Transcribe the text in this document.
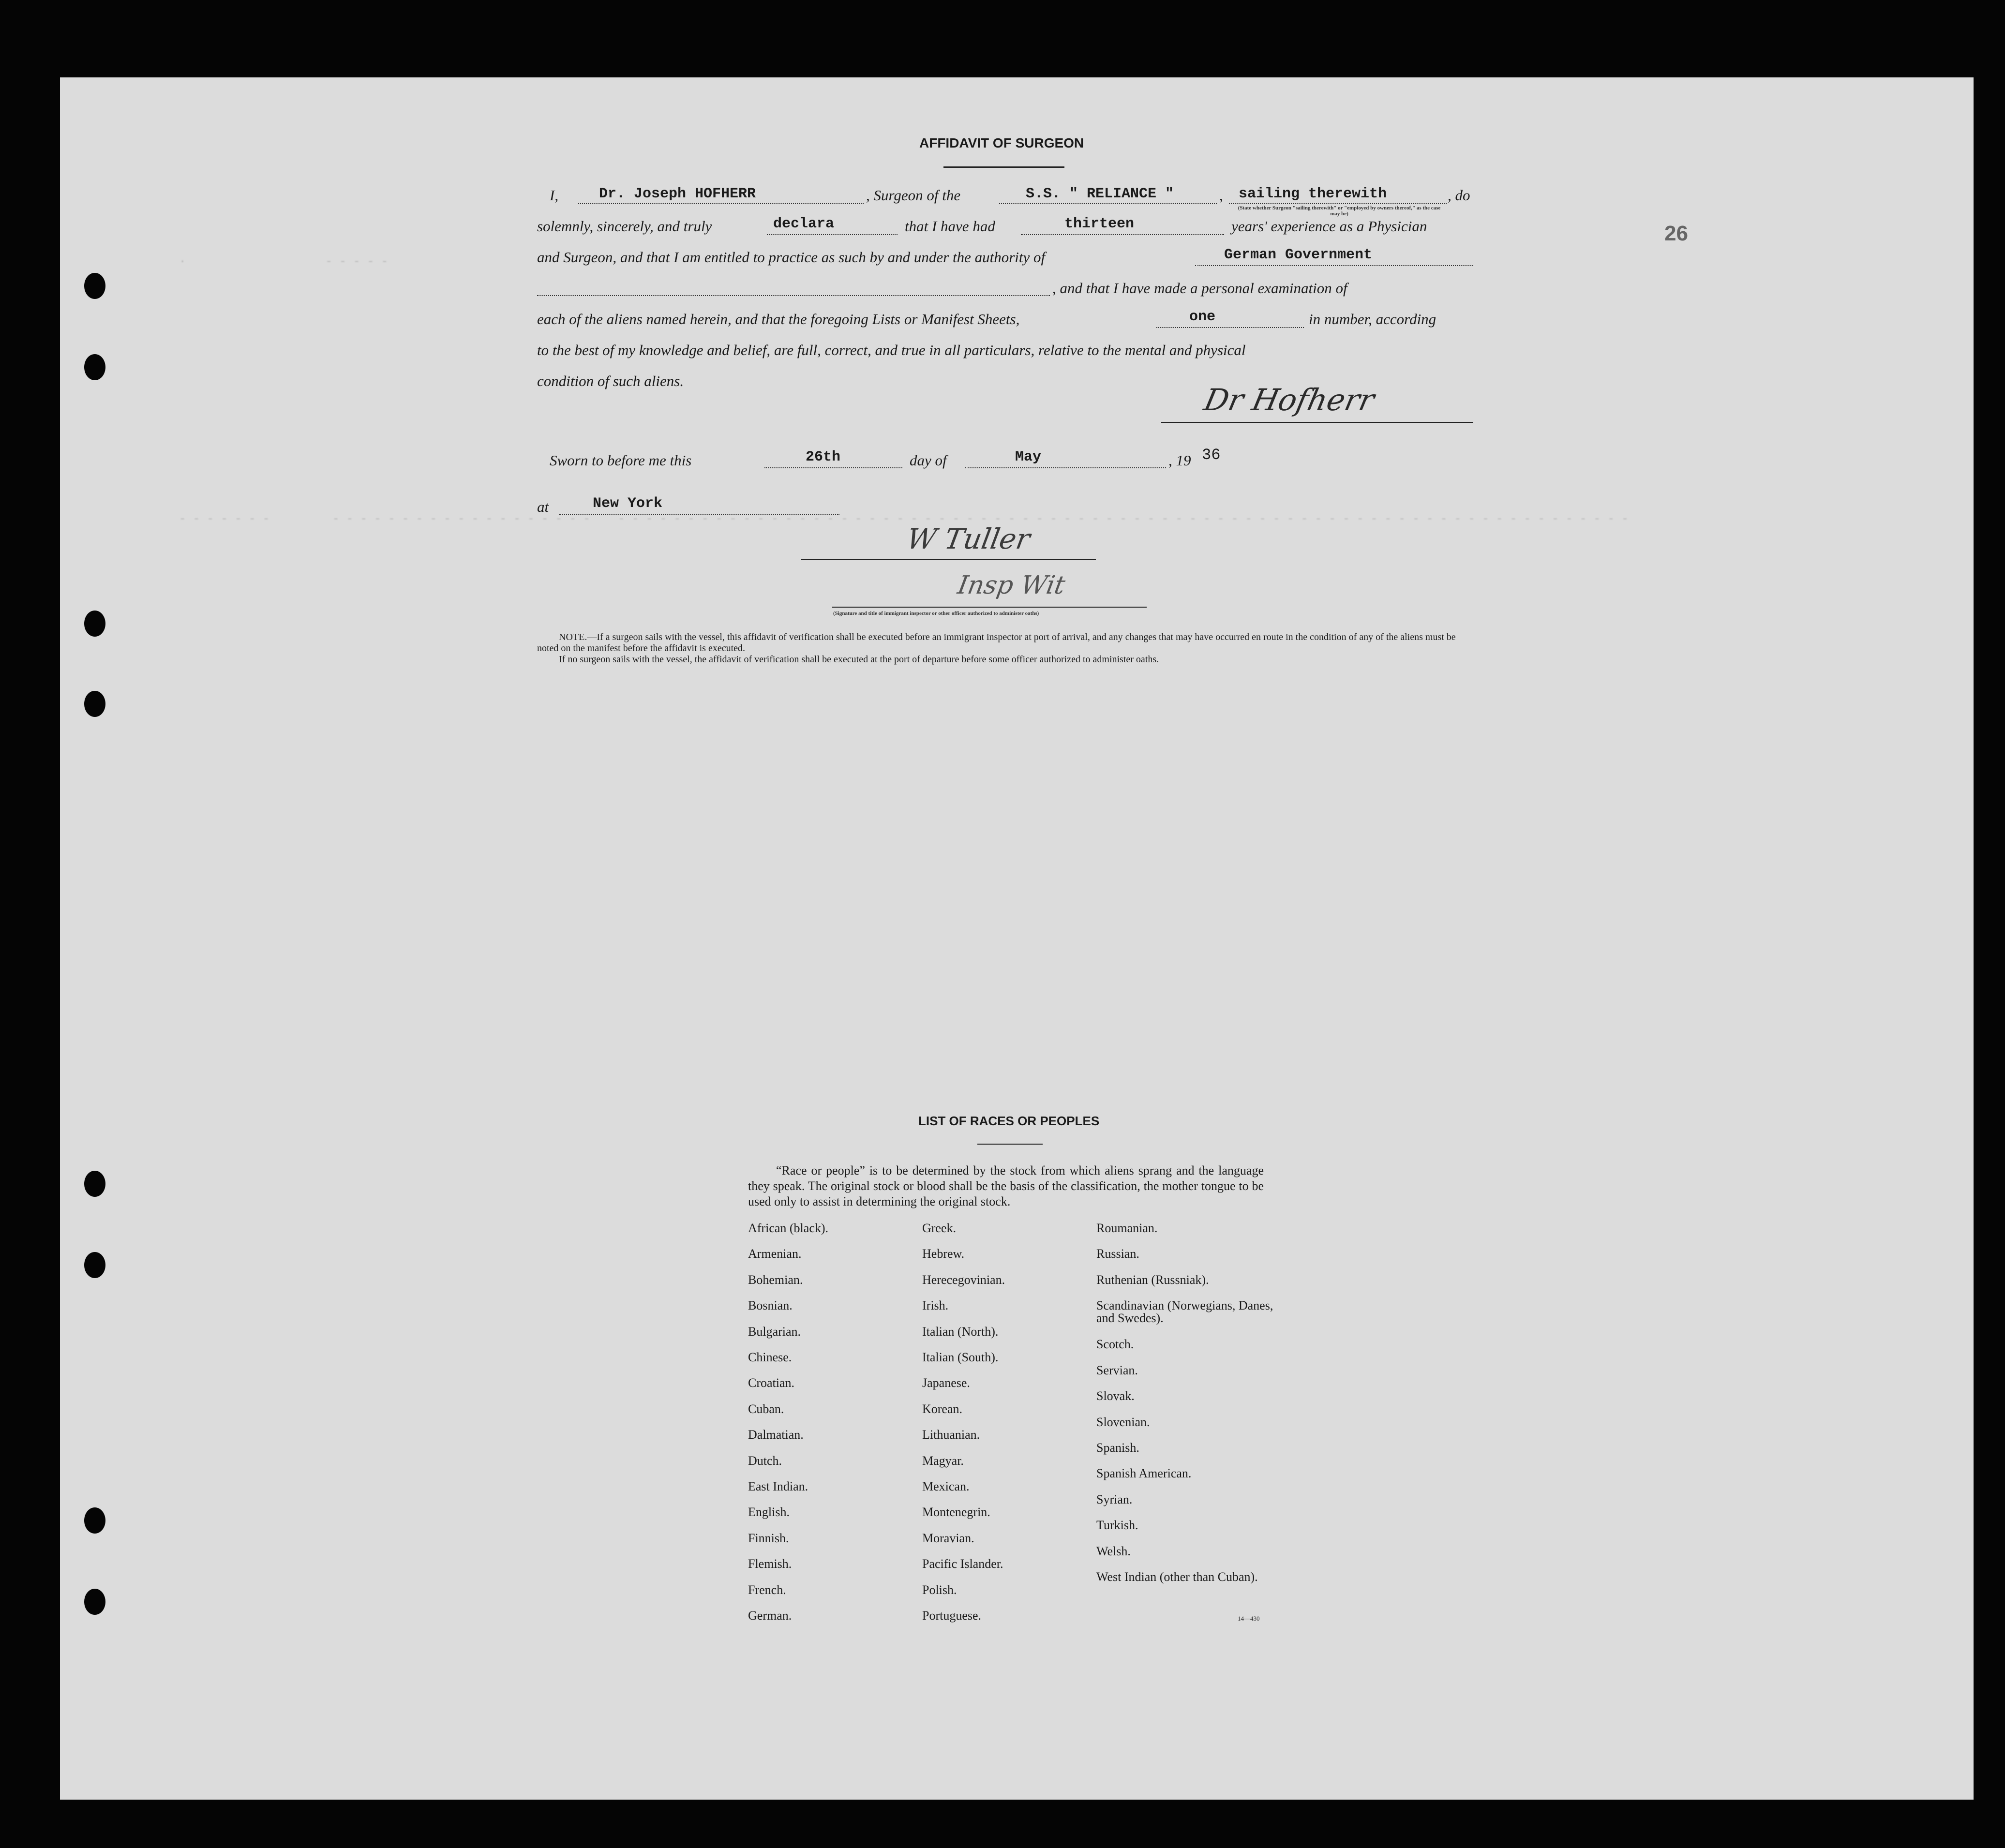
26
·                    - - - - -
- - - - - - -         - - - - - - - - - - - - - - - - - - -    - - - - - - - - - - - - - - - - - - - - - - - - - - - - - - - - - - - - - - - - - - - - - - - - - - - - - - - - - - - - - - - - - - - - - - - - -
AFFIDAVIT OF SURGEON
I,	Dr. Joseph HOFHERR	, Surgeon of the	S.S. " RELIANCE "	, sailing therewith
(State whether Surgeon "sailing therewith" or "employed by owners thereof," as the case may be)
, do
solemnly, sincerely, and truly	declara	that I have had	thirteen	years' experience as a Physician
and Surgeon, and that I am entitled to practice as such by and under the authority of	German Government
, and that I have made a personal examination of
each of the aliens named herein, and that the foregoing Lists or Manifest Sheets,	one	in number, according
to the best of my knowledge and belief, are full, correct, and true in all particulars, relative to the mental and physical
condition of such aliens.
Dr Hofherr
Sworn to before me this	26th	day of	May	, 19 36
at	New York
W Tuller
Insp Wit
(Signature and title of immigrant inspector or other officer authorized to administer oaths)
NOTE.—If a surgeon sails with the vessel, this affidavit of verification shall be executed before an immigrant inspector at port of arrival, and any changes that may have occurred en route in the condition of any of the aliens must be noted on the manifest before the affidavit is executed.
If no surgeon sails with the vessel, the affidavit of verification shall be executed at the port of departure before some officer authorized to administer oaths.
LIST OF RACES OR PEOPLES
“Race or people” is to be determined by the stock from which aliens sprang and the language they speak. The original stock or blood shall be the basis of the classification, the mother tongue to be used only to assist in determining the original stock.
African (black).
Armenian.
Bohemian.
Bosnian.
Bulgarian.
Chinese.
Croatian.
Cuban.
Dalmatian.
Dutch.
East Indian.
English.
Finnish.
Flemish.
French.
German.
Greek.
Hebrew.
Herecegovinian.
Irish.
Italian (North).
Italian (South).
Japanese.
Korean.
Lithuanian.
Magyar.
Mexican.
Montenegrin.
Moravian.
Pacific Islander.
Polish.
Portuguese.
Roumanian.
Russian.
Ruthenian (Russniak).
Scandinavian (Norwegians, Danes, and Swedes).
Scotch.
Servian.
Slovak.
Slovenian.
Spanish.
Spanish American.
Syrian.
Turkish.
Welsh.
West Indian (other than Cuban).
14—430
